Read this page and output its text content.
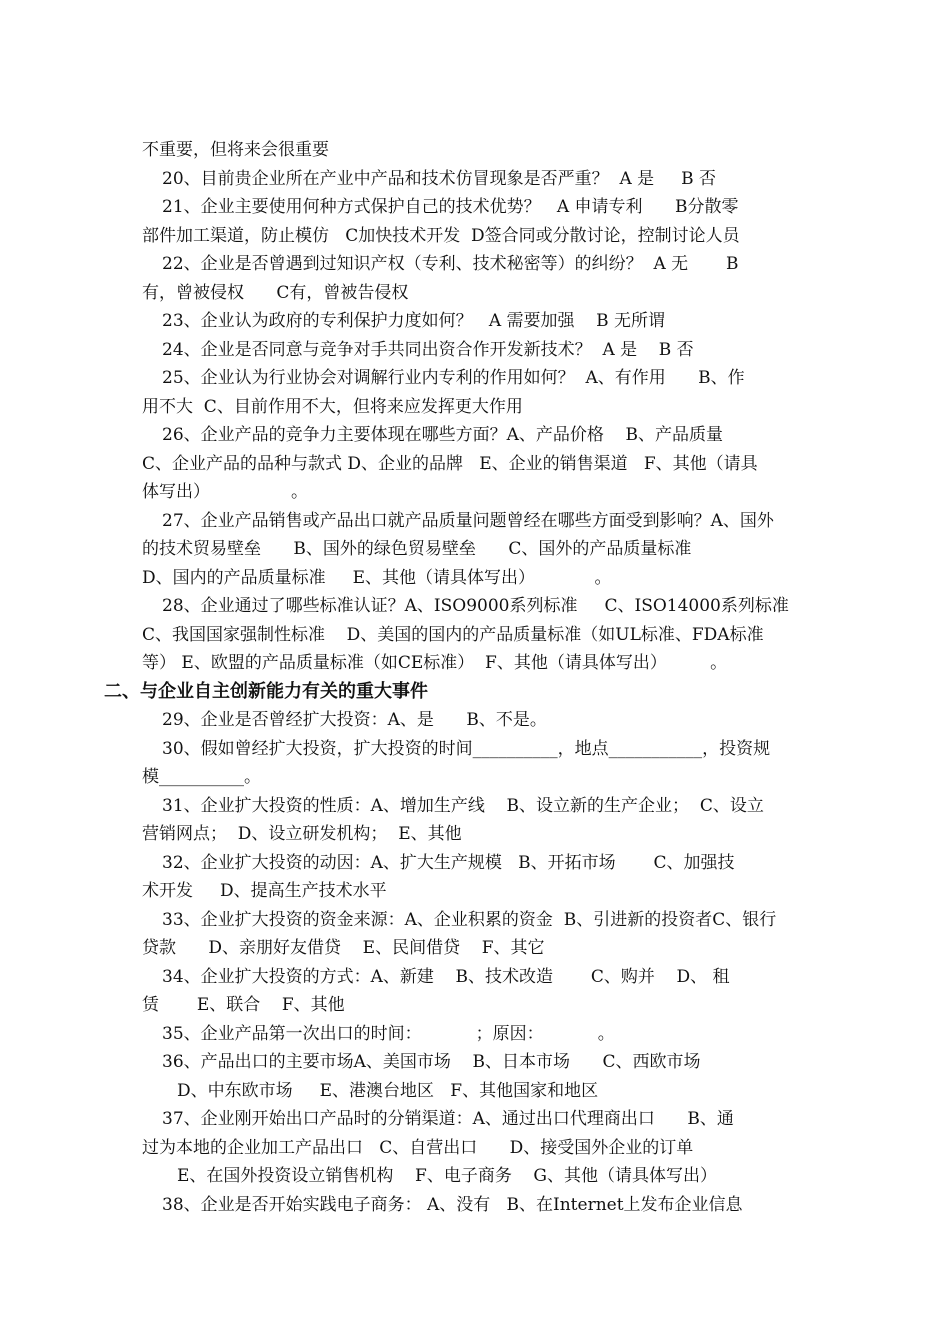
不重要，但将来会很重要
20、目前贵企业所在产业中产品和技术仿冒现象是否严重？  A 是     B 否
21、企业主要使用何种方式保护自己的技术优势？   A 申请专利      B分散零
部件加工渠道，防止模仿   C加快技术开发  D签合同或分散讨论，控制讨论人员
22、企业是否曾遇到过知识产权（专利、技术秘密等）的纠纷？  A 无       B
有，曾被侵权      C有，曾被告侵权
23、企业认为政府的专利保护力度如何？   A 需要加强    B 无所谓
24、企业是否同意与竞争对手共同出资合作开发新技术？  A 是    B 否
25、企业认为行业协会对调解行业内专利的作用如何？  A、有作用      B、作
用不大  C、目前作用不大，但将来应发挥更大作用
26、企业产品的竞争力主要体现在哪些方面？A、产品价格    B、产品质量
C、企业产品的品种与款式 D、企业的品牌   E、企业的销售渠道   F、其他（请具
体写出）               。
27、企业产品销售或产品出口就产品质量问题曾经在哪些方面受到影响？A、国外
的技术贸易壁垒      B、国外的绿色贸易壁垒      C、国外的产品质量标准
D、国内的产品质量标准     E、其他（请具体写出）           。
28、企业通过了哪些标准认证？A、ISO9000系列标准     C、ISO14000系列标准
C、我国国家强制性标准    D、美国的国内的产品质量标准（如UL标准、FDA标准
等） E、欧盟的产品质量标准（如CE标准）  F、其他（请具体写出）        。
二、与企业自主创新能力有关的重大事件
29、企业是否曾经扩大投资：A、是      B、不是。
30、假如曾经扩大投资，扩大投资的时间__________，地点___________，投资规
模__________。
31、企业扩大投资的性质：A、增加生产线    B、设立新的生产企业；  C、设立
营销网点；  D、设立研发机构；  E、其他
32、企业扩大投资的动因：A、扩大生产规模   B、开拓市场       C、加强技
术开发     D、提高生产技术水平
33、企业扩大投资的资金来源：A、企业积累的资金  B、引进新的投资者C、银行
贷款      D、亲朋好友借贷    E、民间借贷    F、其它
34、企业扩大投资的方式：A、新建    B、技术改造       C、购并    D、 租
赁       E、联合    F、其他
35、企业产品第一次出口的时间：          ；原因：          。
36、产品出口的主要市场A、美国市场    B、日本市场      C、西欧市场
D、中东欧市场     E、港澳台地区   F、其他国家和地区
37、企业刚开始出口产品时的分销渠道：A、通过出口代理商出口      B、通
过为本地的企业加工产品出口   C、自营出口      D、接受国外企业的订单
E、在国外投资设立销售机构    F、电子商务    G、其他（请具体写出）
38、企业是否开始实践电子商务： A、没有   B、在Internet上发布企业信息
